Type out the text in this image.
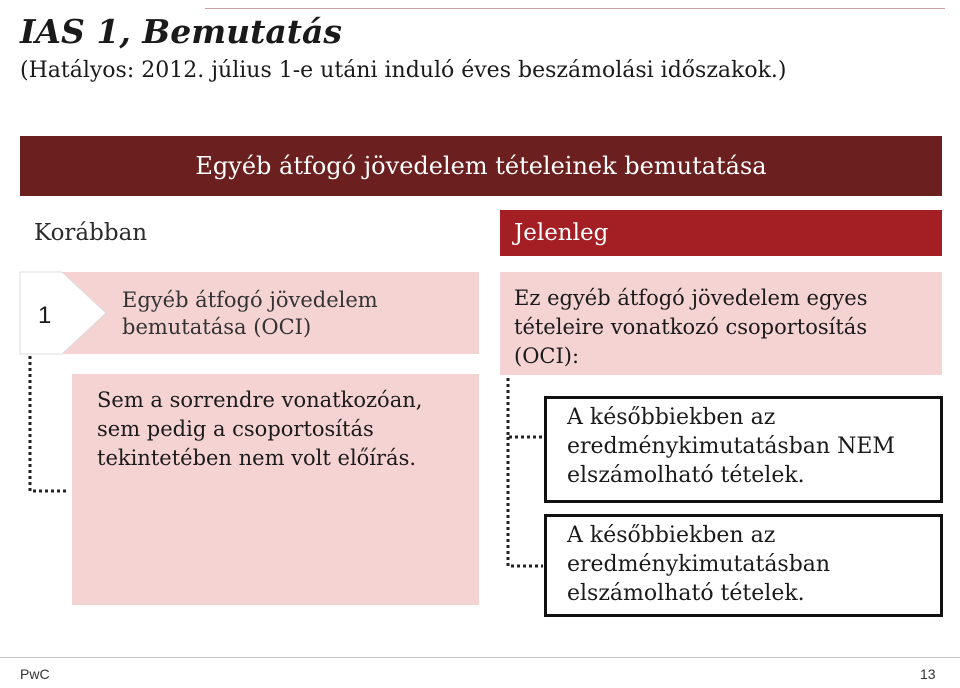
IAS 1, Bemutatás
(Hatályos: 2012. július 1-e utáni induló éves beszámolási időszakok.)
Egyéb átfogó jövedelem tételeinek bemutatása
Korábban	Jelenleg
1
Egyéb átfogó jövedelem
bemutatása (OCI)
Sem a sorrendre vonatkozóan,
sem pedig a csoportosítás
tekintetében nem volt előírás.
Ez egyéb átfogó jövedelem egyes
tételeire vonatkozó csoportosítás
(OCI):
A későbbiekben az
eredménykimutatásban NEM
elszámolható tételek.
A későbbiekben az
eredménykimutatásban
elszámolható tételek.
PwC	13
